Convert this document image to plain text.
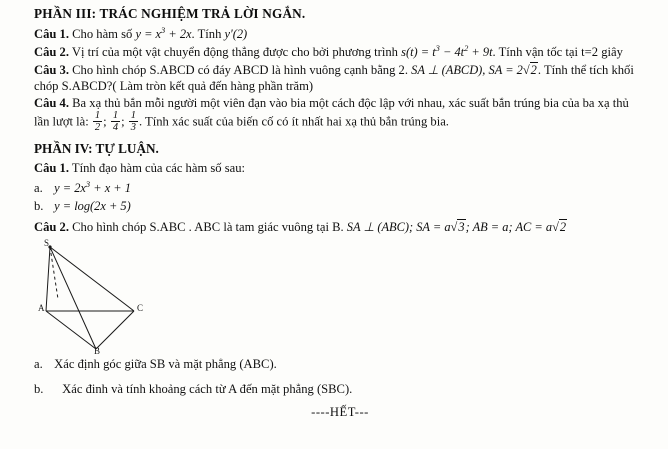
PHẦN III: TRÁC NGHIỆM TRẢ LỜI NGẮN.
Câu 1. Cho hàm số $y = x^3 + 2x$. Tính y'(2)
Câu 2. Vị trí của một vật chuyển động thẳng được cho bởi phương trình $s(t) = t^3 - 4t^2 + 9t$. Tính vận tốc tại t=2 giây
Câu 3. Cho hình chóp S.ABCD có đáy ABCD là hình vuông cạnh bằng 2. SA ⊥ (ABCD), SA = 2√2. Tính thể tích khối chóp S.ABCD?( Làm tròn kết quả đến hàng phần trăm)
Câu 4. Ba xạ thủ bắn mỗi người một viên đạn vào bia một cách độc lập với nhau, xác suất bắn trúng bia của ba xạ thủ lần lượt là: $\frac{1}{2}$ ; $\frac{1}{4}$ ; $\frac{1}{3}$ . Tính xác suất của biến cố có ít nhất hai xạ thủ bắn trúng bia.
PHẦN IV: TỰ LUẬN.
Câu 1. Tính đạo hàm của các hàm số sau:
a. $y = 2x^3 + x + 1$
b. y = log(2x + 5)
Câu 2. Cho hình chóp S.ABC . ABC là tam giác vuông tại B. SA ⊥ (ABC); SA = a√3; AB = a; AC = a√2
S
A	C
B
a. Xác định góc giữa SB và mặt phẳng (ABC).
b. Xác đinh và tính khoảng cách từ A đến mặt phẳng (SBC).
----HẾT---
